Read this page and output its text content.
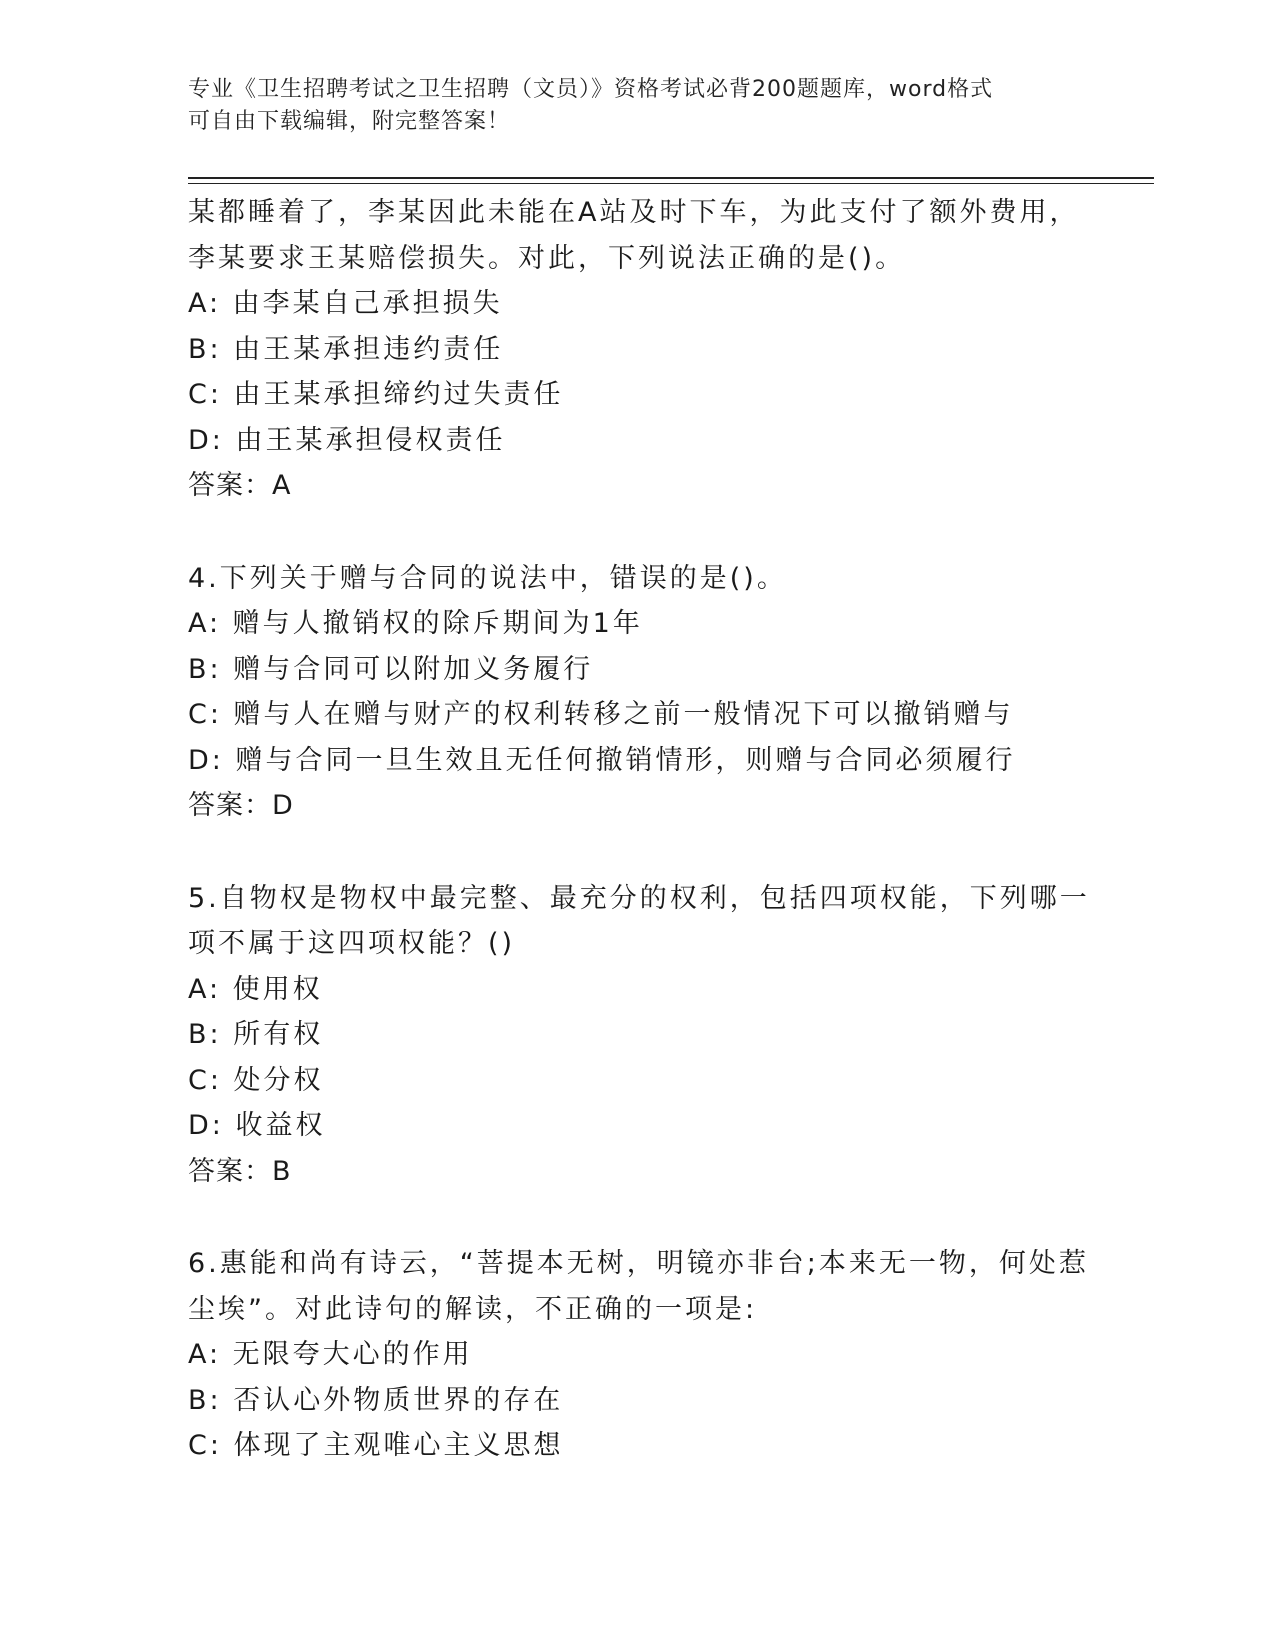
专业《卫生招聘考试之卫生招聘（文员）》资格考试必背200题题库，word格式
可自由下载编辑，附完整答案！
某都睡着了，李某因此未能在A站及时下车，为此支付了额外费用，
李某要求王某赔偿损失。对此，下列说法正确的是()。
A: 由李某自己承担损失
B: 由王某承担违约责任
C: 由王某承担缔约过失责任
D: 由王某承担侵权责任
答案：A
4.下列关于赠与合同的说法中，错误的是()。
A: 赠与人撤销权的除斥期间为1年
B: 赠与合同可以附加义务履行
C: 赠与人在赠与财产的权利转移之前一般情况下可以撤销赠与
D: 赠与合同一旦生效且无任何撤销情形，则赠与合同必须履行
答案：D
5.自物权是物权中最完整、最充分的权利，包括四项权能，下列哪一
项不属于这四项权能？()
A: 使用权
B: 所有权
C: 处分权
D: 收益权
答案：B
6.惠能和尚有诗云，“菩提本无树，明镜亦非台;本来无一物，何处惹
尘埃”。对此诗句的解读，不正确的一项是:
A: 无限夸大心的作用
B: 否认心外物质世界的存在
C: 体现了主观唯心主义思想
